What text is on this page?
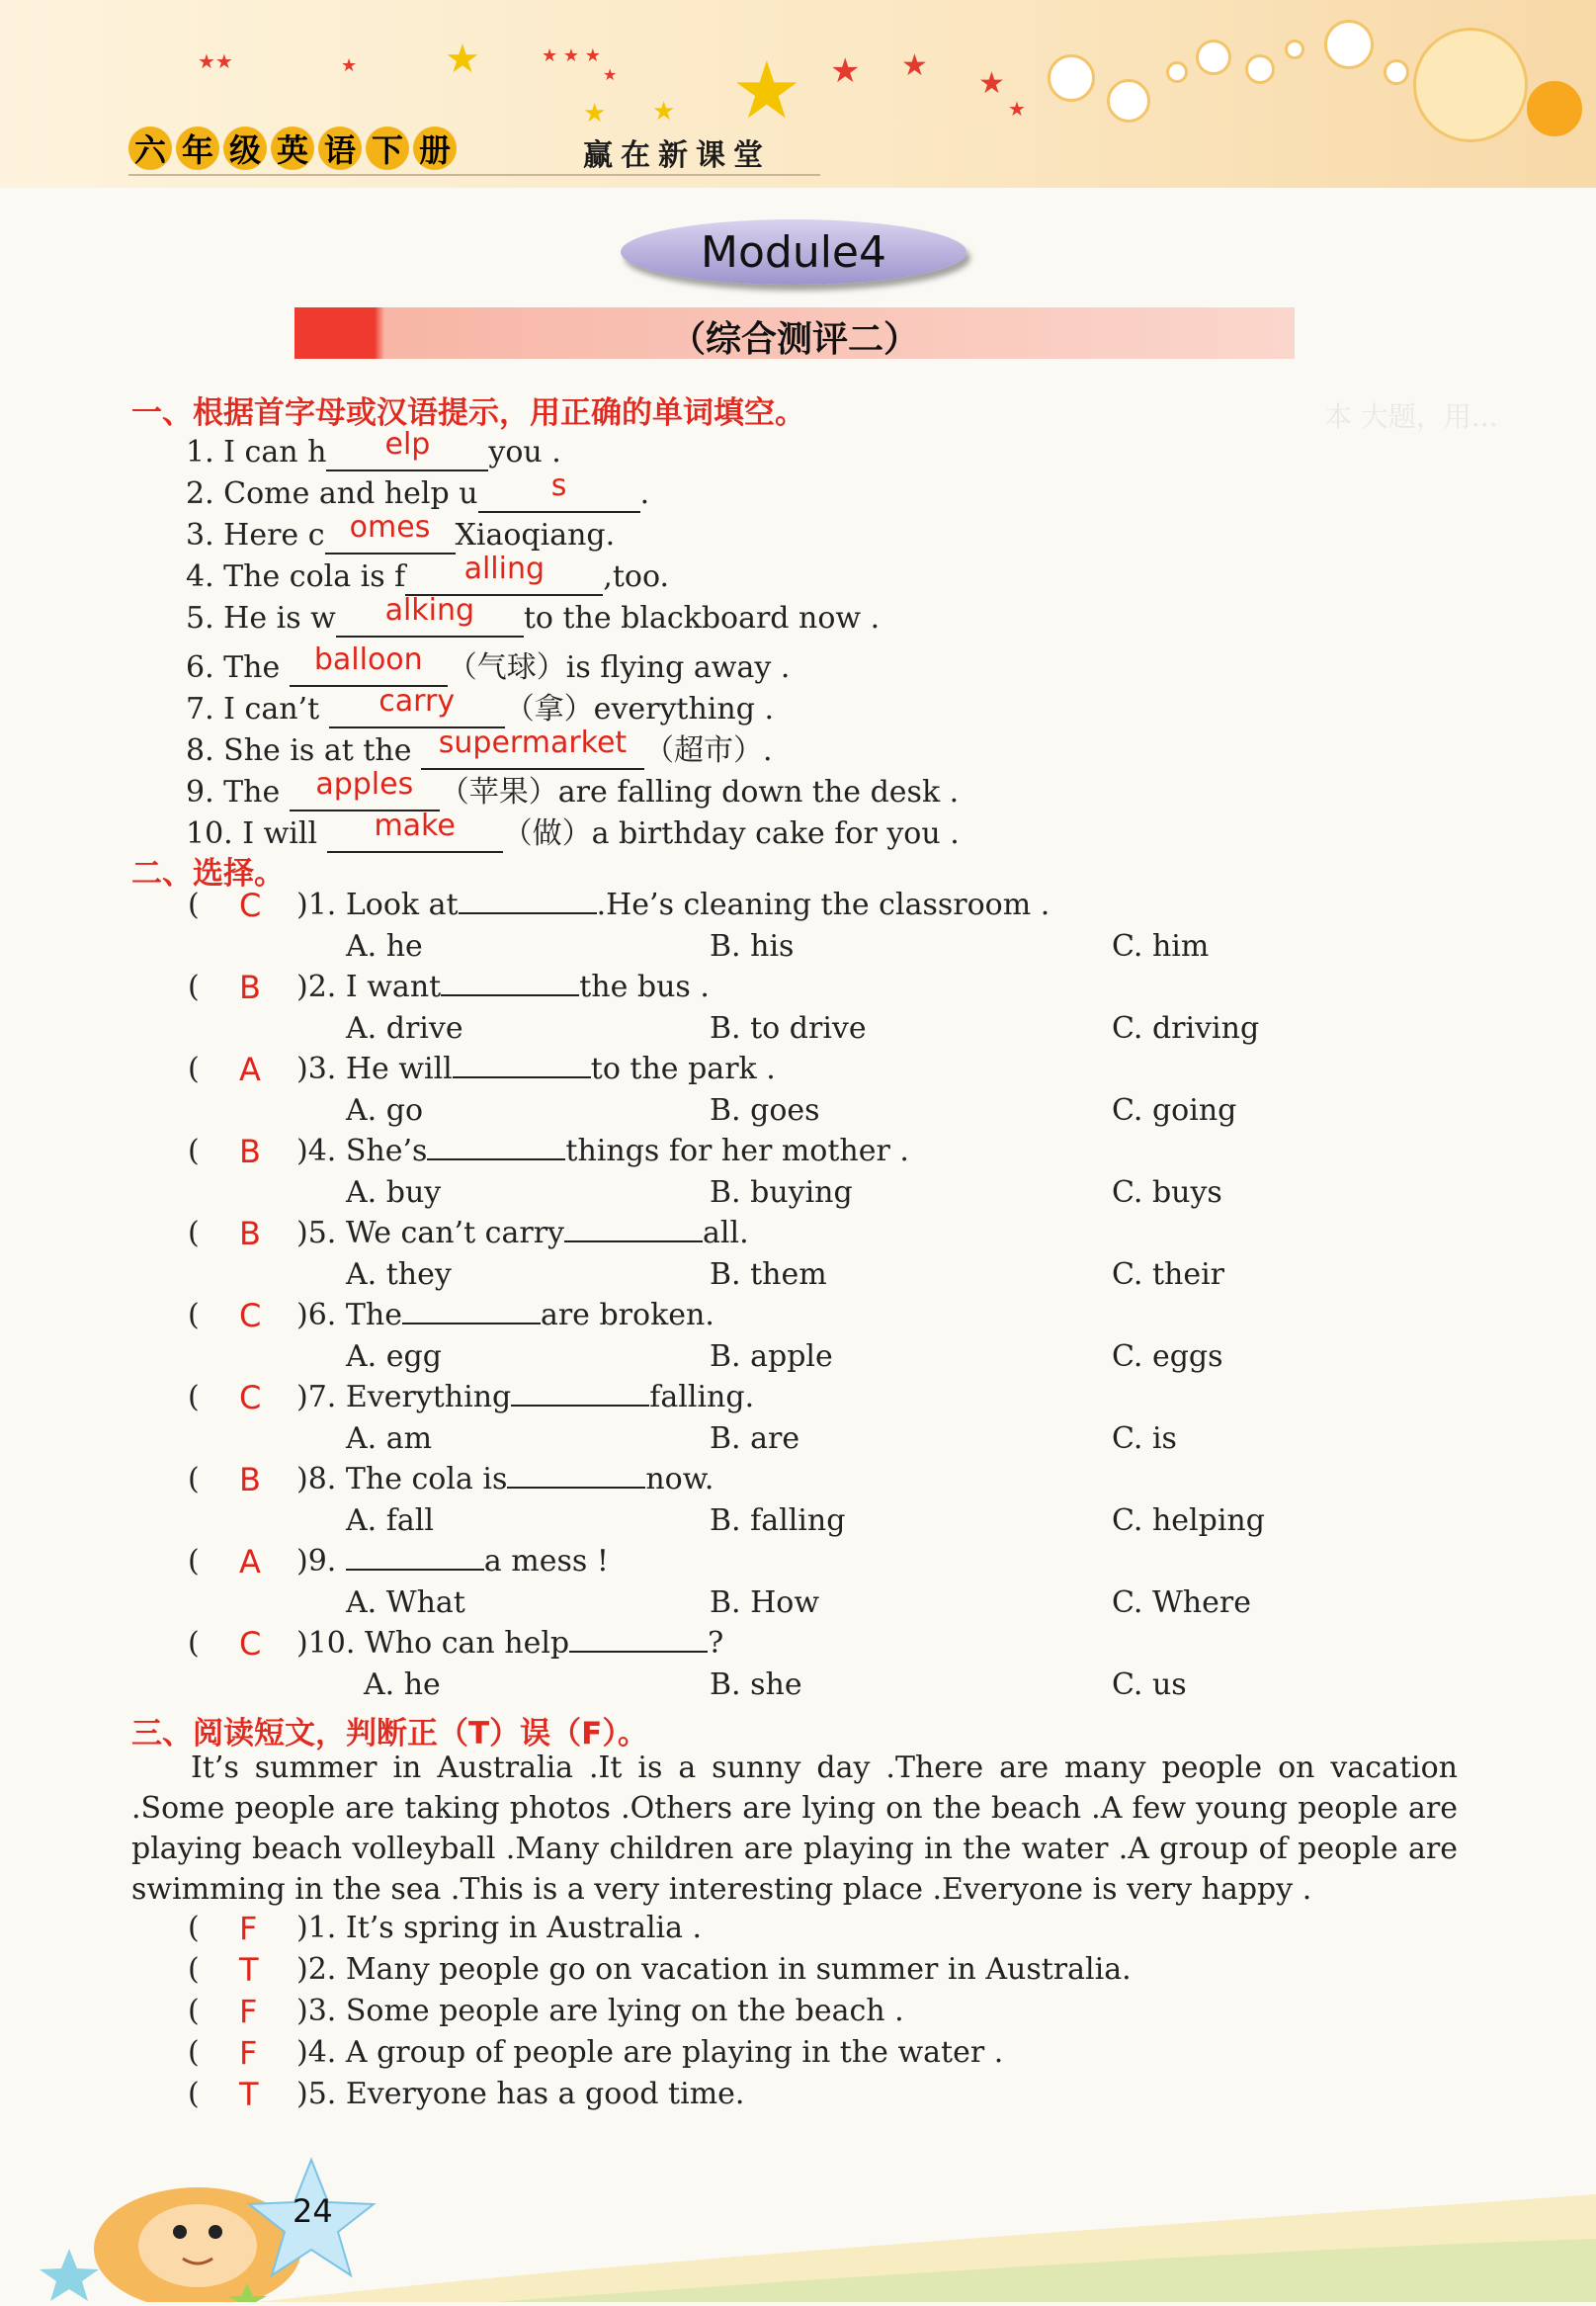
★★	★ ★	★ ★ ★
★ ★ ★ ★
★
★
★ ★
六 年 级 英 语 下 册	赢在新课堂
Module4
（综合测评二）
本 大题，用...
一、根据首字母或汉语提示，用正确的单词填空。
1. I can h elp you .
2. Come and help u s .
3. Here c omes Xiaoqiang.
4. The cola is f alling ,too.
5. He is w alking to the blackboard now .
6. The balloon （气球）is flying away .
7. I can’t carry （拿）everything .
8. She is at the supermarket （超市）.
9. The apples （苹果）are falling down the desk .
10. I will make （做）a birthday cake for you .
二、选择。
( C )1. Look at	.He’s cleaning the classroom .
A. he	B. his	C. him
( B )2. I want	the bus .
A. drive	B. to drive	C. driving
( A )3. He will	to the park .
A. go	B. goes	C. going
( B )4. She’s	things for her mother .
A. buy	B. buying	C. buys
( B )5. We can’t carry	all.
A. they	B. them	C. their
( C )6. The	are broken.
A. egg	B. apple	C. eggs
( C )7. Everything	falling.
A. am	B. are	C. is
( B )8. The cola is	now.
A. fall	B. falling	C. helping
( A )9.	a mess !
A. What	B. How	C. Where
( C )10. Who can help	?
A. he	B. she	C. us
三、阅读短文，判断正（T）误（F）。
It’s summer in Australia .It is a sunny day .There are many people on vacation .Some people are taking photos .Others are lying on the beach .A few young people are playing beach volleyball .Many children are playing in the water .A group of people are swimming in the sea .This is a very interesting place .Everyone is very happy .
( F )1. It’s spring in Australia .
( T )2. Many people go on vacation in summer in Australia.
( F )3. Some people are lying on the beach .
( F )4. A group of people are playing in the water .
( T )5. Everyone has a good time.
24
